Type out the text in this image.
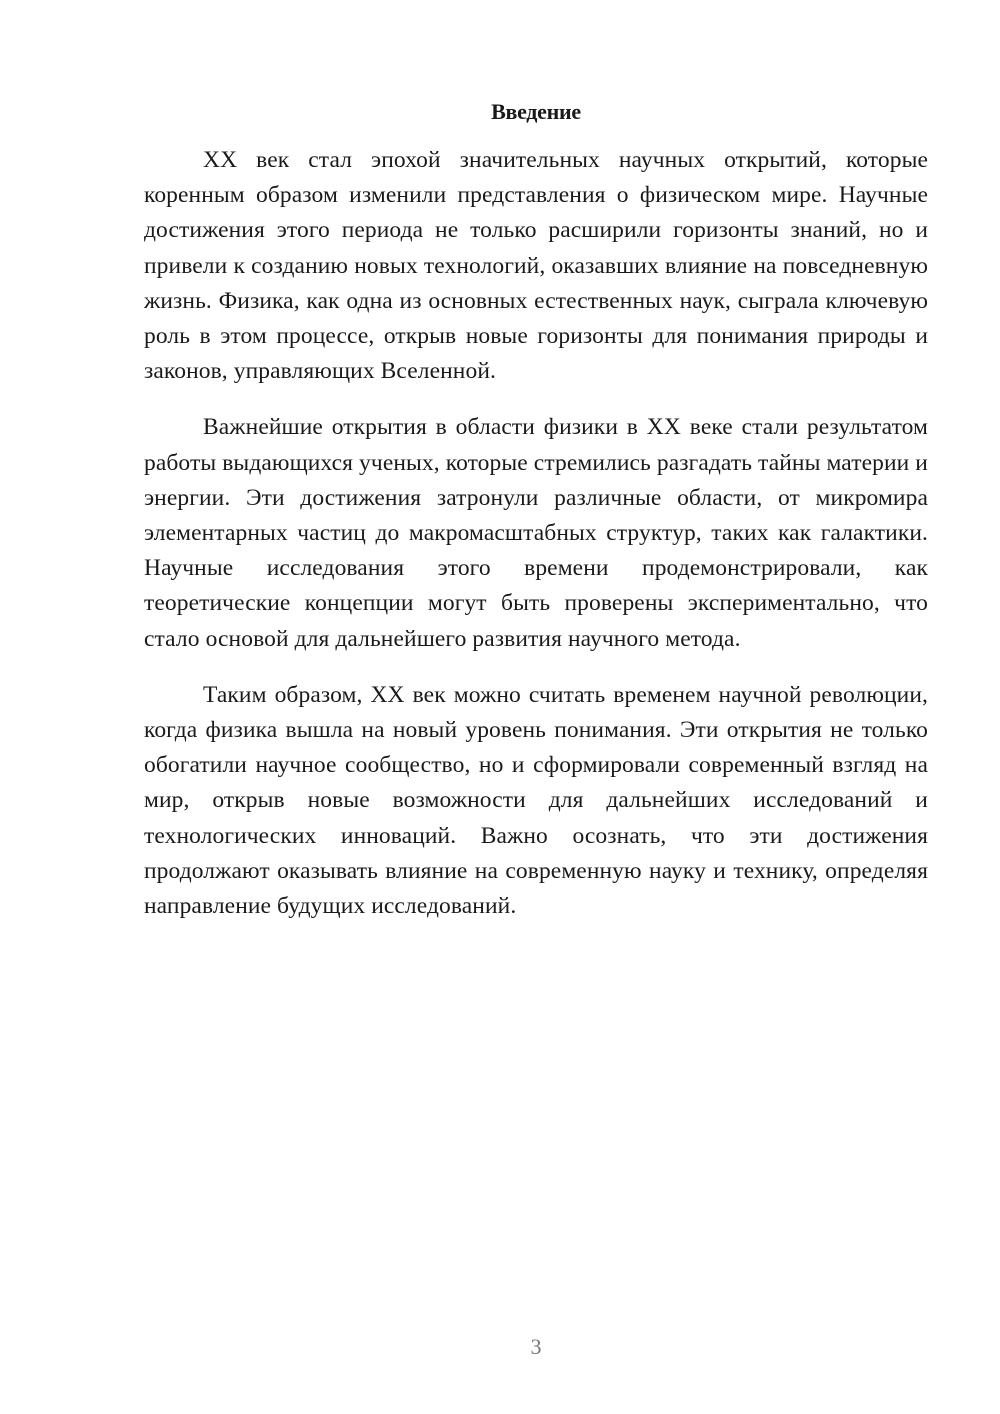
Введение

XX век стал эпохой значительных научных открытий, которые коренным образом изменили представления о физическом мире. Научные достижения этого периода не только расширили горизонты знаний, но и привели к созданию новых технологий, оказавших влияние на повседневную жизнь. Физика, как одна из основных естественных наук, сыграла ключевую роль в этом процессе, открыв новые горизонты для понимания природы и законов, управляющих Вселенной.

Важнейшие открытия в области физики в XX веке стали результатом работы выдающихся ученых, которые стремились разгадать тайны материи и энергии. Эти достижения затронули различные области, от микромира элементарных частиц до макромасштабных структур, таких как галактики. Научные исследования этого времени продемонстрировали, как теоретические концепции могут быть проверены экспериментально, что стало основой для дальнейшего развития научного метода.

Таким образом, XX век можно считать временем научной революции, когда физика вышла на новый уровень понимания. Эти открытия не только обогатили научное сообщество, но и сформировали современный взгляд на мир, открыв новые возможности для дальнейших исследований и технологических инноваций. Важно осознать, что эти достижения продолжают оказывать влияние на современную науку и технику, определяя направление будущих исследований.

3
